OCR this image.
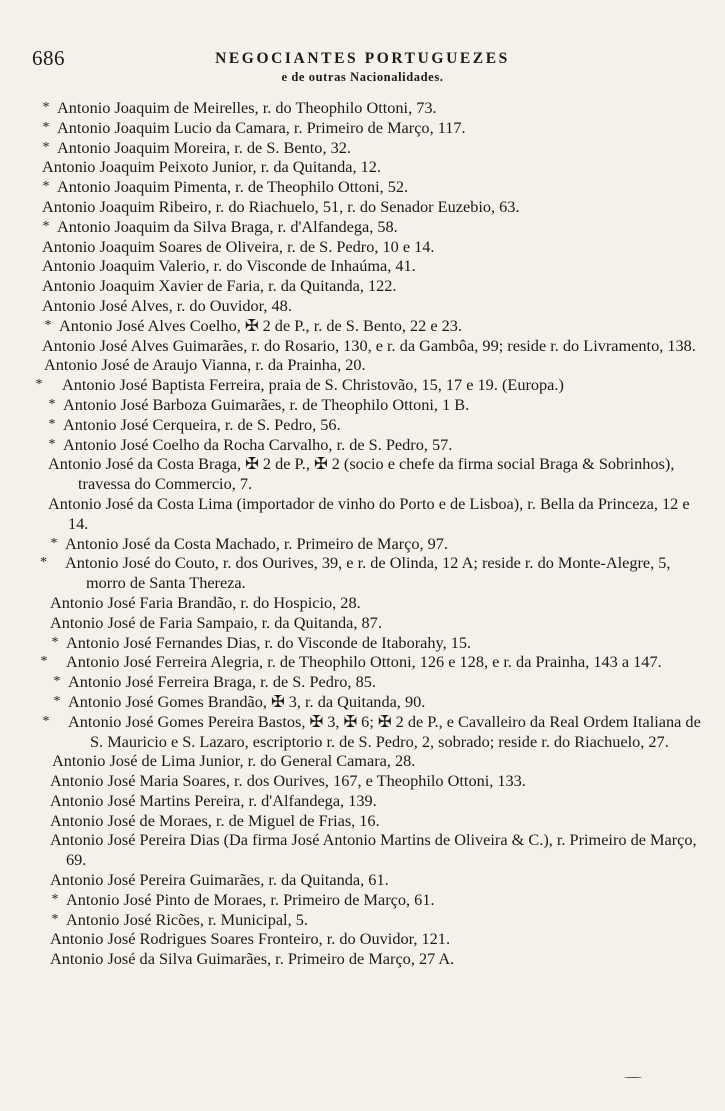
686	NEGOCIANTES PORTUGUEZES
e de outras Nacionalidades.

* Antonio Joaquim de Meirelles, r. do Theophilo Ottoni, 73.

* Antonio Joaquim Lucio da Camara, r. Primeiro de Março, 117.

* Antonio Joaquim Moreira, r. de S. Bento, 32.

Antonio Joaquim Peixoto Junior, r. da Quitanda, 12.

* Antonio Joaquim Pimenta, r. de Theophilo Ottoni, 52.

Antonio Joaquim Ribeiro, r. do Riachuelo, 51, r. do Senador Euzebio, 63.

* Antonio Joaquim da Silva Braga, r. d'Alfandega, 58.

Antonio Joaquim Soares de Oliveira, r. de S. Pedro, 10 e 14.

Antonio Joaquim Valerio, r. do Visconde de Inhaúma, 41.

Antonio Joaquim Xavier de Faria, r. da Quitanda, 122.

Antonio José Alves, r. do Ouvidor, 48.

* Antonio José Alves Coelho, ✠ 2 de P., r. de S. Bento, 22 e 23.

Antonio José Alves Guimarães, r. do Rosario, 130, e r. da Gambôa, 99; reside r. do Livramento, 138.

Antonio José de Araujo Vianna, r. da Prainha, 20.

*	Antonio José Baptista Ferreira, praia de S. Christovão, 15, 17 e 19. (Europa.)

* Antonio José Barboza Guimarães, r. de Theophilo Ottoni, 1 B.

* Antonio José Cerqueira, r. de S. Pedro, 56.

* Antonio José Coelho da Rocha Carvalho, r. de S. Pedro, 57.

Antonio José da Costa Braga, ✠ 2 de P., ✠ 2 (socio e chefe da firma social Braga & Sobrinhos), travessa do Commercio, 7.

Antonio José da Costa Lima (importador de vinho do Porto e de Lisboa), r. Bella da Princeza, 12 e 14.

* Antonio José da Costa Machado, r. Primeiro de Março, 97.

*	Antonio José do Couto, r. dos Ourives, 39, e r. de Olinda, 12 A; reside r. do Monte-Alegre, 5, morro de Santa Thereza.

Antonio José Faria Brandão, r. do Hospicio, 28.

Antonio José de Faria Sampaio, r. da Quitanda, 87.

* Antonio José Fernandes Dias, r. do Visconde de Itaborahy, 15.

*	Antonio José Ferreira Alegria, r. de Theophilo Ottoni, 126 e 128, e r. da Prainha, 143 a 147.

* Antonio José Ferreira Braga, r. de S. Pedro, 85.

* Antonio José Gomes Brandão, ✠ 3, r. da Quitanda, 90.

*	Antonio José Gomes Pereira Bastos, ✠ 3, ✠ 6; ✠ 2 de P., e Cavalleiro da Real Ordem Italiana de S. Mauricio e S. Lazaro, escriptorio r. de S. Pedro, 2, sobrado; reside r. do Riachuelo, 27.

Antonio José de Lima Junior, r. do General Camara, 28.

Antonio José Maria Soares, r. dos Ourives, 167, e Theophilo Ottoni, 133.

Antonio José Martins Pereira, r. d'Alfandega, 139.

Antonio José de Moraes, r. de Miguel de Frias, 16.

Antonio José Pereira Dias (Da firma José Antonio Martins de Oliveira & C.), r. Primeiro de Março, 69.

Antonio José Pereira Guimarães, r. da Quitanda, 61.

* Antonio José Pinto de Moraes, r. Primeiro de Março, 61.

* Antonio José Ricões, r. Municipal, 5.

Antonio José Rodrigues Soares Fronteiro, r. do Ouvidor, 121.

Antonio José da Silva Guimarães, r. Primeiro de Março, 27 A.
